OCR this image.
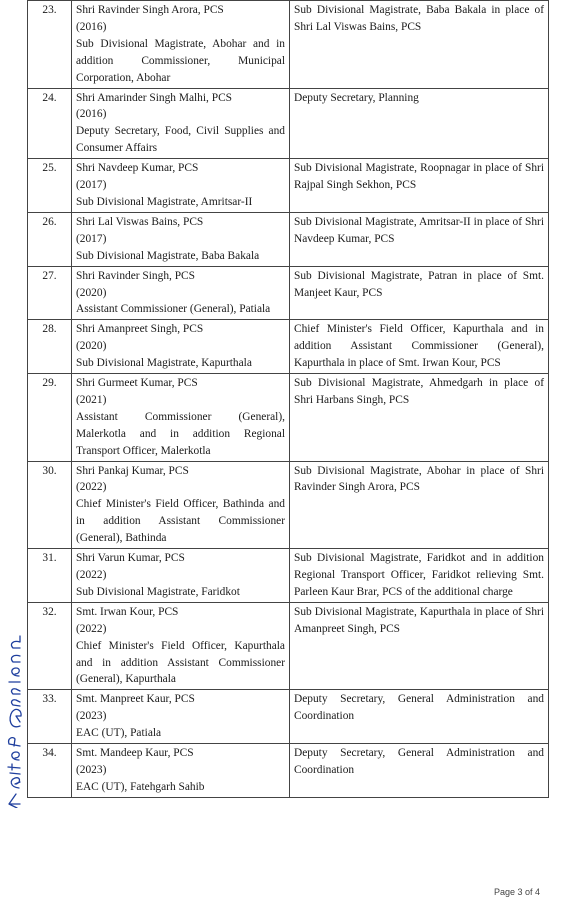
23.	Shri Ravinder Singh Arora, PCS
(2016)
Sub Divisional Magistrate, Abohar and in addition Commissioner, Municipal Corporation, Abohar	Sub Divisional Magistrate, Baba Bakala in place of Shri Lal Viswas Bains, PCS
24.	Shri Amarinder Singh Malhi, PCS
(2016)
Deputy Secretary, Food, Civil Supplies and Consumer Affairs	Deputy Secretary, Planning
25.	Shri Navdeep Kumar, PCS
(2017)
Sub Divisional Magistrate, Amritsar-II	Sub Divisional Magistrate, Roopnagar in place of Shri Rajpal Singh Sekhon, PCS
26.	Shri Lal Viswas Bains, PCS
(2017)
Sub Divisional Magistrate, Baba Bakala	Sub Divisional Magistrate, Amritsar-II in place of Shri Navdeep Kumar, PCS
27.	Shri Ravinder Singh, PCS
(2020)
Assistant Commissioner (General), Patiala	Sub Divisional Magistrate, Patran in place of Smt. Manjeet Kaur, PCS
28.	Shri Amanpreet Singh, PCS
(2020)
Sub Divisional Magistrate, Kapurthala	Chief Minister's Field Officer, Kapurthala and in addition Assistant Commissioner (General), Kapurthala in place of Smt. Irwan Kour, PCS
29.	Shri Gurmeet Kumar, PCS
(2021)
Assistant Commissioner (General), Malerkotla and in addition Regional Transport Officer, Malerkotla	Sub Divisional Magistrate, Ahmedgarh in place of Shri Harbans Singh, PCS
30.	Shri Pankaj Kumar, PCS
(2022)
Chief Minister's Field Officer, Bathinda and in addition Assistant Commissioner (General), Bathinda	Sub Divisional Magistrate, Abohar in place of Shri Ravinder Singh Arora, PCS
31.	Shri Varun Kumar, PCS
(2022)
Sub Divisional Magistrate, Faridkot	Sub Divisional Magistrate, Faridkot and in addition Regional Transport Officer, Faridkot relieving Smt. Parleen Kaur Brar, PCS of the additional charge
32.	Smt. Irwan Kour, PCS
(2022)
Chief Minister's Field Officer, Kapurthala and in addition Assistant Commissioner (General), Kapurthala	Sub Divisional Magistrate, Kapurthala in place of Shri Amanpreet Singh, PCS
33.	Smt. Manpreet Kaur, PCS
(2023)
EAC (UT), Patiala	Deputy Secretary, General Administration and Coordination
34.	Smt. Mandeep Kaur, PCS
(2023)
EAC (UT), Fatehgarh Sahib	Deputy Secretary, General Administration and Coordination
Page 3 of 4
